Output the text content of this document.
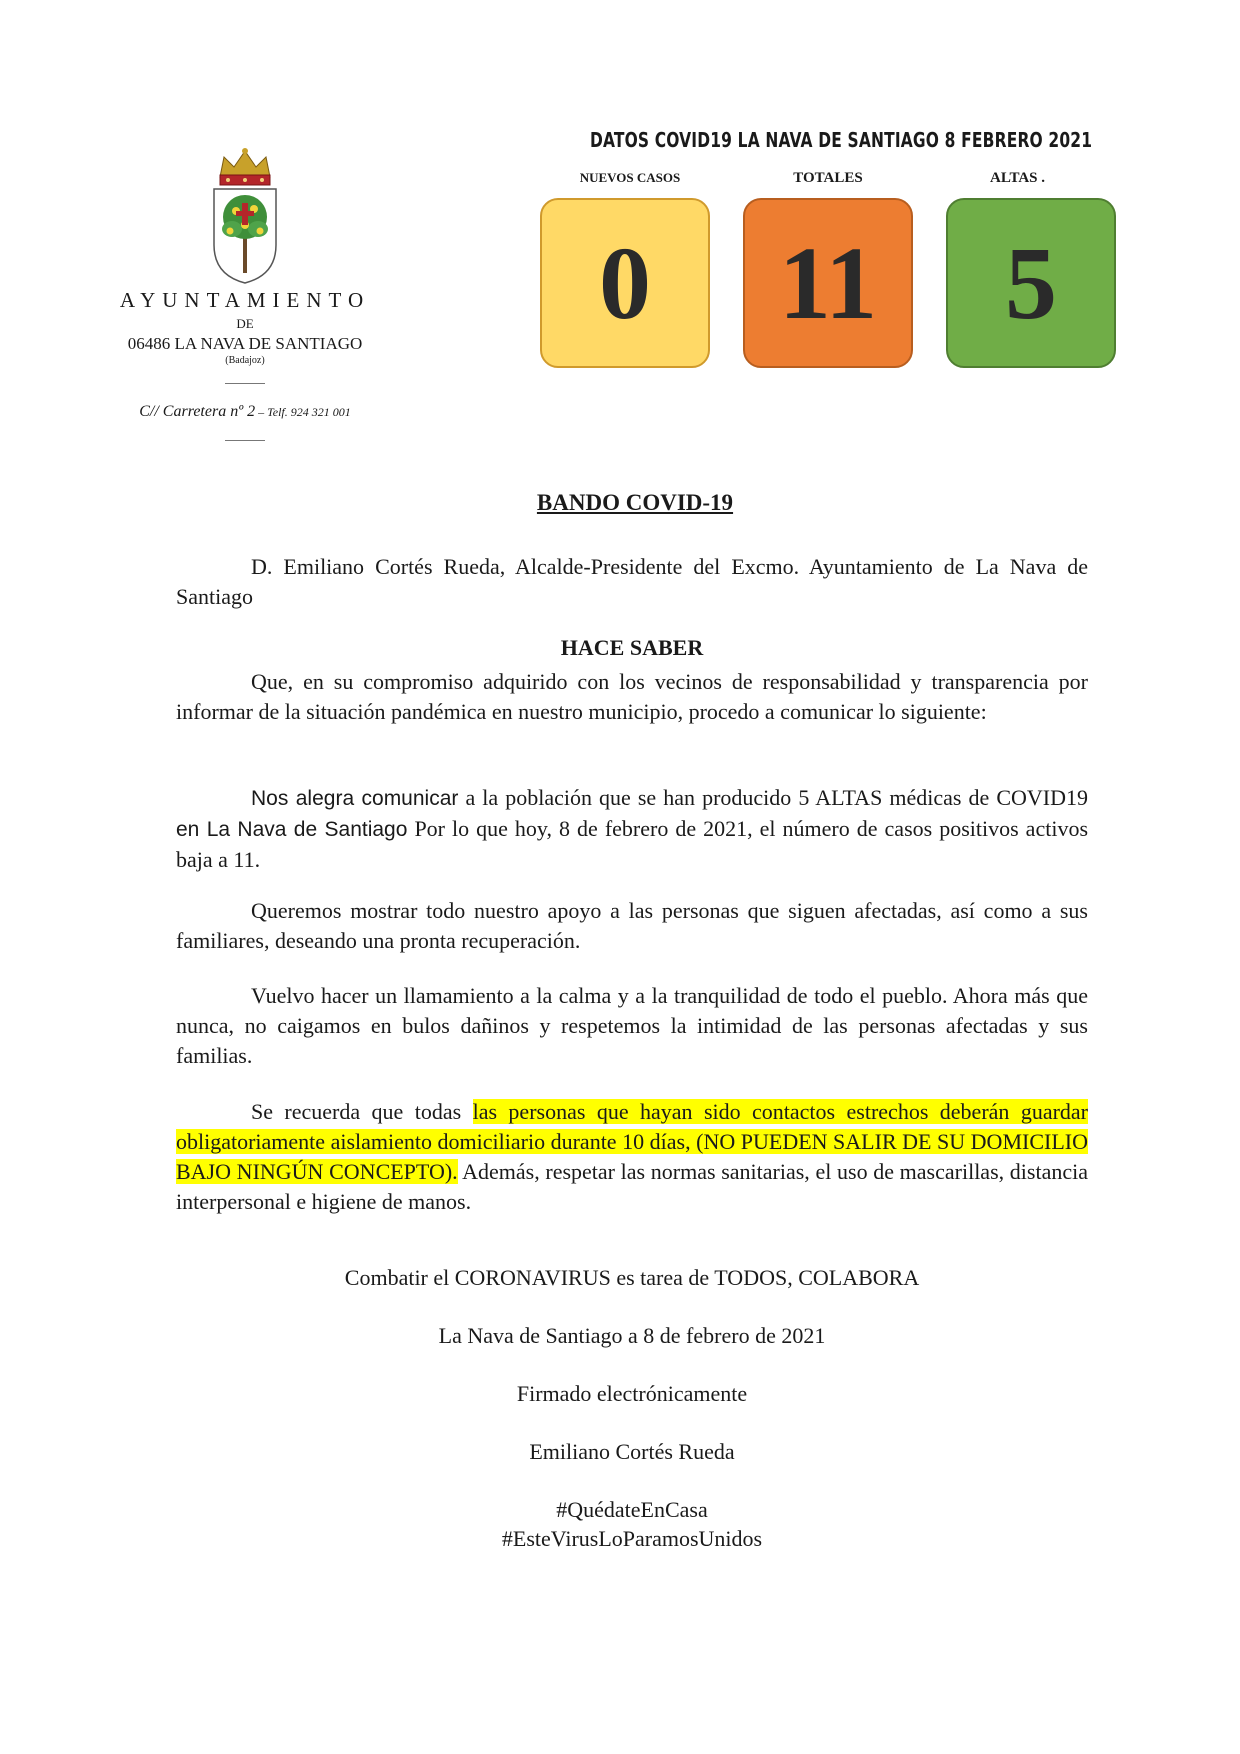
AYUNTAMIENTO
DE
06486 LA NAVA DE SANTIAGO
(Badajoz)
C// Carretera nº 2 – Telf. 924 321 001
DATOS COVID19 LA NAVA DE SANTIAGO 8 FEBRERO 2021
NUEVOS CASOS	TOTALES	ALTAS .
0	11	5
BANDO COVID-19
D. Emiliano Cortés Rueda, Alcalde-Presidente del Excmo. Ayuntamiento de La Nava de Santiago
HACE SABER
Que, en su compromiso adquirido con los vecinos de responsabilidad y transparencia por informar de la situación pandémica en nuestro municipio, procedo a comunicar lo siguiente:
Nos alegra comunicar a la población que se han producido 5 ALTAS médicas de COVID19 en La Nava de Santiago Por lo que hoy, 8 de febrero de 2021, el número de casos positivos activos baja a 11.
Queremos mostrar todo nuestro apoyo a las personas que siguen afectadas, así como a sus familiares, deseando una pronta recuperación.
Vuelvo hacer un llamamiento a la calma y a la tranquilidad de todo el pueblo. Ahora más que nunca, no caigamos en bulos dañinos y respetemos la intimidad de las personas afectadas y sus familias.
Se recuerda que todas las personas que hayan sido contactos estrechos deberán guardar obligatoriamente aislamiento domiciliario durante 10 días, (NO PUEDEN SALIR DE SU DOMICILIO BAJO NINGÚN CONCEPTO). Además, respetar las normas sanitarias, el uso de mascarillas, distancia interpersonal e higiene de manos.
Combatir el CORONAVIRUS es tarea de TODOS, COLABORA
La Nava de Santiago a 8 de febrero de 2021
Firmado electrónicamente
Emiliano Cortés Rueda
#QuédateEnCasa
#EsteVirusLoParamosUnidos
